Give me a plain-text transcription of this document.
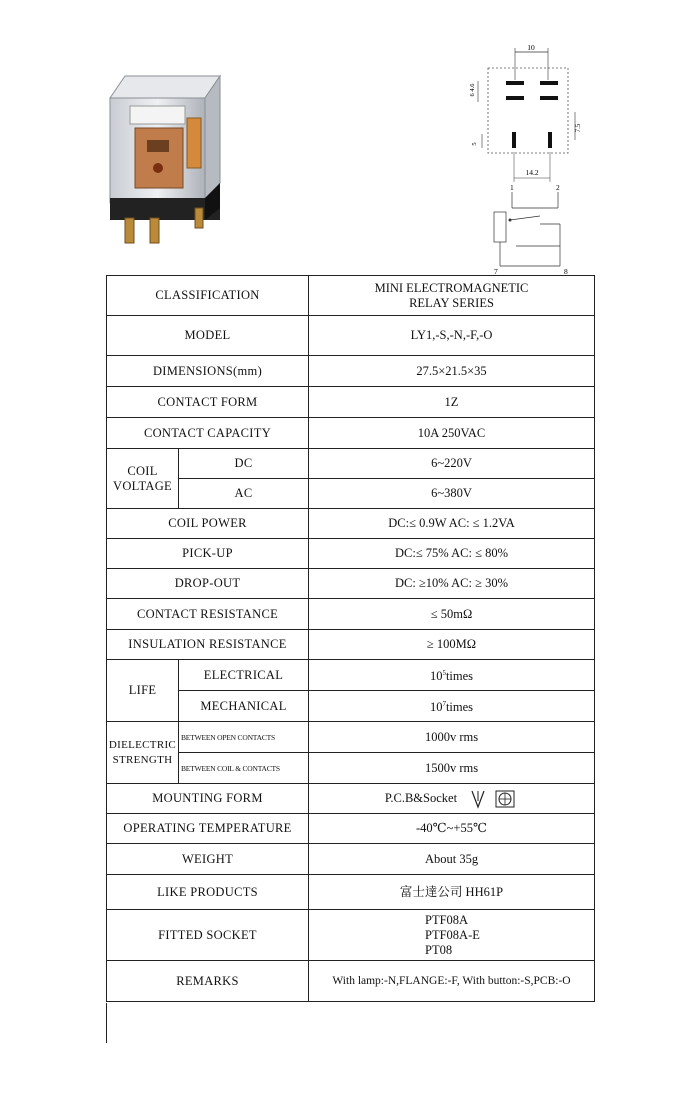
10
6 4.6
7.5
5
14.2
1	2
7	8
CLASSIFICATION		MINI ELECTROMAGNETIC
RELAY SERIES

MODEL		LY1,-S,-N,-F,-O
DIMENSIONS(mm)		27.5×21.5×35
CONTACT FORM		1Z
CONTACT CAPACITY		10A 250VAC

COIL
VOLTAGE	DC	6~220V
	AC	6~380V
COIL POWER		DC:≤ 0.9W AC: ≤ 1.2VA
PICK-UP		DC:≤ 75% AC: ≤ 80%
DROP-OUT		DC: ≥10% AC: ≥ 30%
CONTACT RESISTANCE		≤ 50mΩ
INSULATION RESISTANCE		≥ 100MΩ
LIFE	ELECTRICAL	$10^5times$
	MECHANICAL	$10^7times$

DIELECTRIC
STRENGTH	BETWEEN OPEN CONTACTS	1000v rms
	BETWEEN COIL & CONTACTS	1500v rms
MOUNTING FORM		P.C.B&Socket
OPERATING TEMPERATURE		-40℃~+55℃
WEIGHT		About 35g
LIKE PRODUCTS		富士達公司 HH61P
FITTED SOCKET		PTF08A
PTF08A-E
PT08

REMARKS		With lamp:-N,FLANGE:-F, With button:-S,PCB:-O
